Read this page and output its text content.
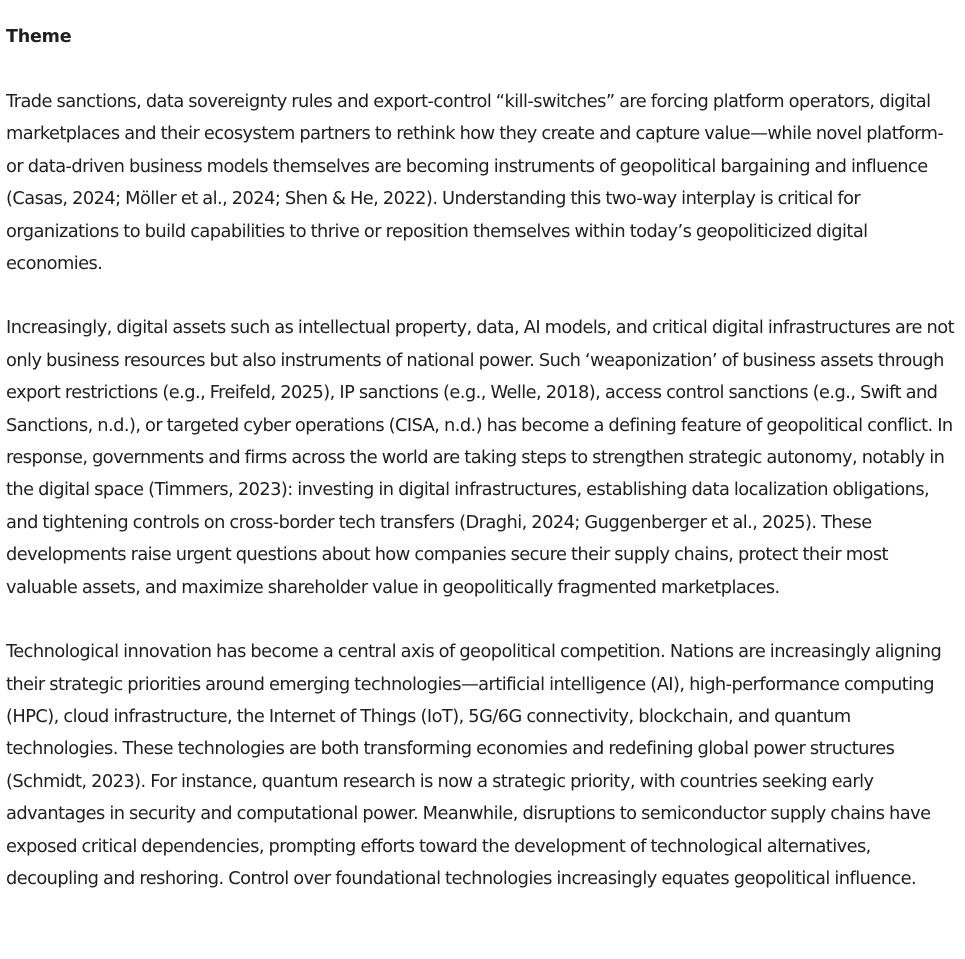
Theme

Trade sanctions, data sovereignty rules and export-control “kill-switches” are forcing platform operators, digital marketplaces and their ecosystem partners to rethink how they create and capture value—while novel platform- or data-driven business models themselves are becoming instruments of geopolitical bargaining and influence (Casas, 2024; Möller et al., 2024; Shen & He, 2022). Understanding this two-way interplay is critical for organizations to build capabilities to thrive or reposition themselves within today’s geopoliticized digital economies.

Increasingly, digital assets such as intellectual property, data, AI models, and critical digital infrastructures are not only business resources but also instruments of national power. Such ‘weaponization’ of business assets through export restrictions (e.g., Freifeld, 2025), IP sanctions (e.g., Welle, 2018), access control sanctions (e.g., Swift and Sanctions, n.d.), or targeted cyber operations (CISA, n.d.) has become a defining feature of geopolitical conflict. In response, governments and firms across the world are taking steps to strengthen strategic autonomy, notably in the digital space (Timmers, 2023): investing in digital infrastructures, establishing data localization obligations, and tightening controls on cross-border tech transfers (Draghi, 2024; Guggenberger et al., 2025). These developments raise urgent questions about how companies secure their supply chains, protect their most valuable assets, and maximize shareholder value in geopolitically fragmented marketplaces.

Technological innovation has become a central axis of geopolitical competition. Nations are increasingly aligning their strategic priorities around emerging technologies—artificial intelligence (AI), high-performance computing (HPC), cloud infrastructure, the Internet of Things (IoT), 5G/6G connectivity, blockchain, and quantum technologies. These technologies are both transforming economies and redefining global power structures (Schmidt, 2023). For instance, quantum research is now a strategic priority, with countries seeking early advantages in security and computational power. Meanwhile, disruptions to semiconductor supply chains have exposed critical dependencies, prompting efforts toward the development of technological alternatives, decoupling and reshoring. Control over foundational technologies increasingly equates geopolitical influence.
